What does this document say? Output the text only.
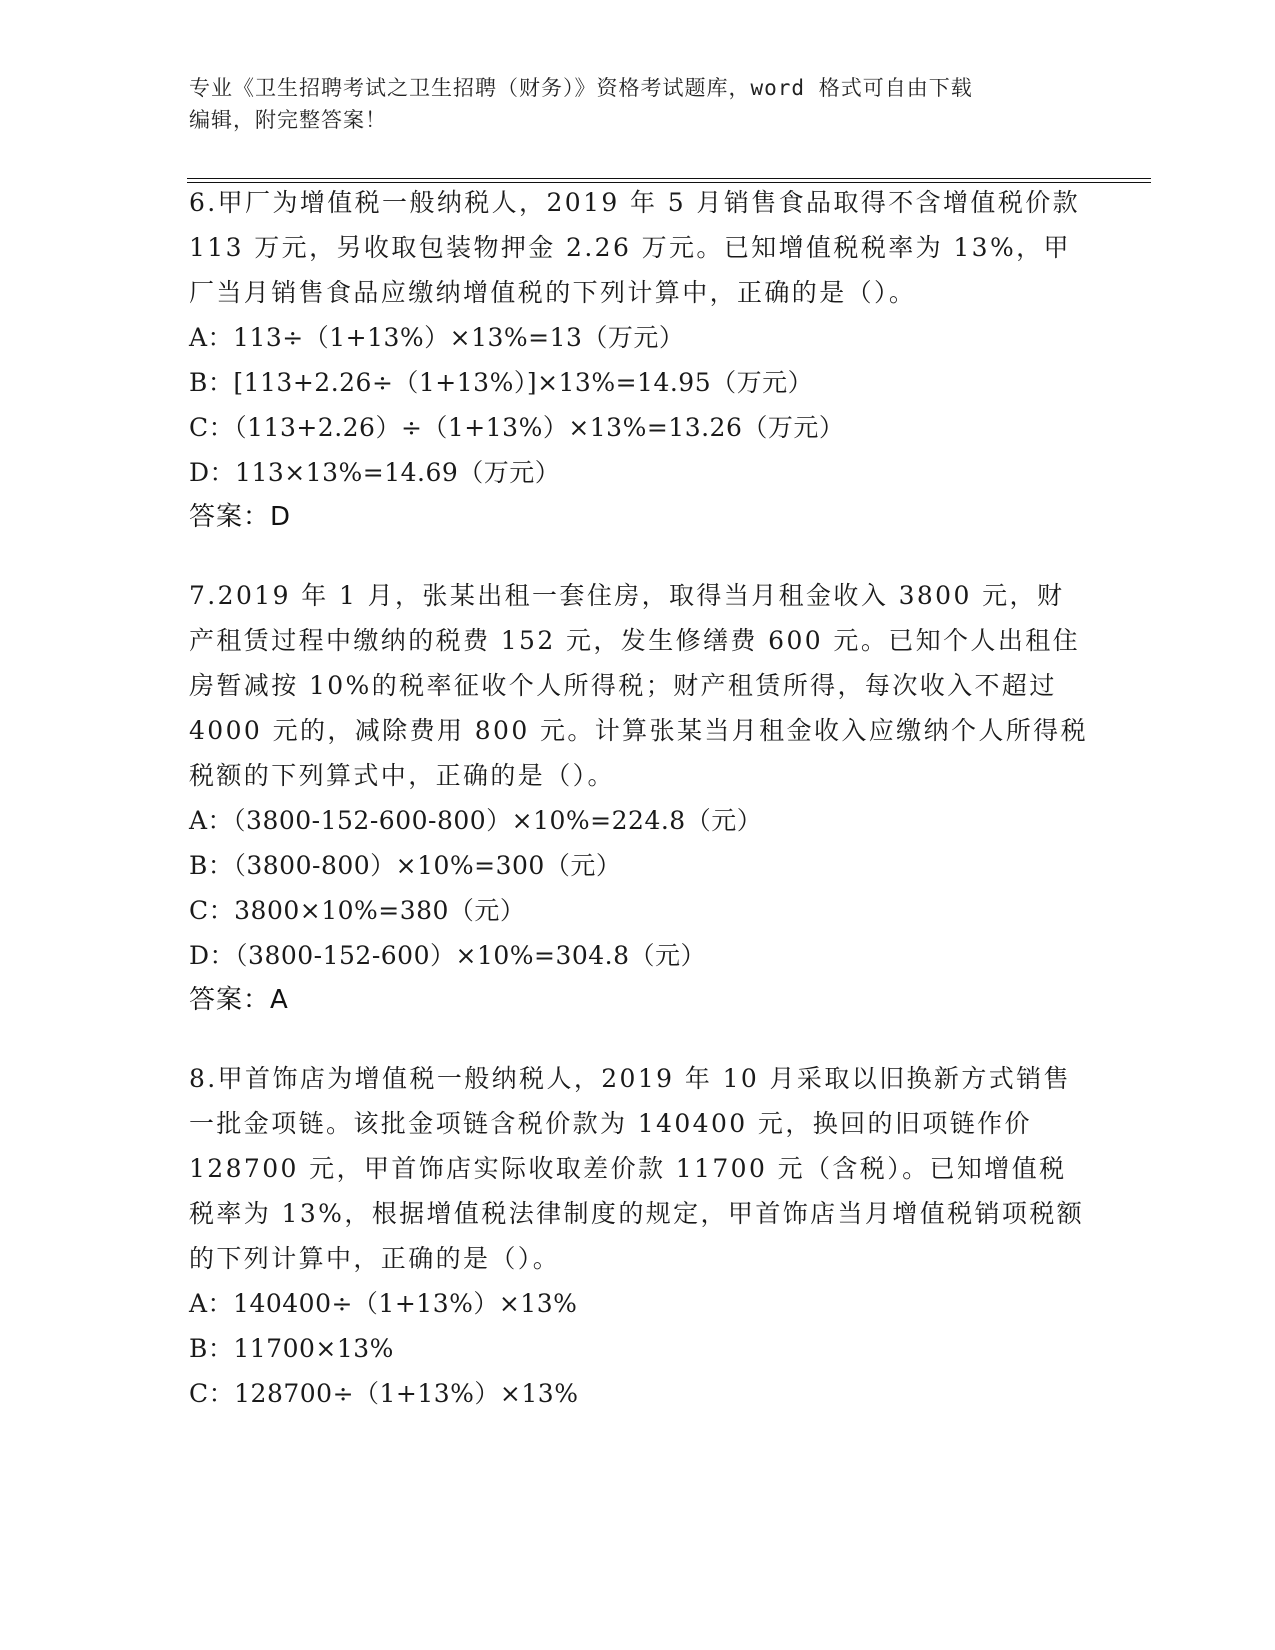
专业《卫生招聘考试之卫生招聘（财务）》资格考试题库，word 格式可自由下载
编辑，附完整答案！

6.甲厂为增值税一般纳税人，2019 年 5 月销售食品取得不含增值税价款 113 万元，另收取包装物押金 2.26 万元。已知增值税税率为 13%，甲厂当月销售食品应缴纳增值税的下列计算中，正确的是（）。

A：113÷（1+13%）×13%=13（万元）
B：[113+2.26÷（1+13%）]×13%=14.95（万元）
C：（113+2.26）÷（1+13%）×13%=13.26（万元）
D：113×13%=14.69（万元）
答案：D

7.2019 年 1 月，张某出租一套住房，取得当月租金收入 3800 元，财产租赁过程中缴纳的税费 152 元，发生修缮费 600 元。已知个人出租住房暂减按 10%的税率征收个人所得税；财产租赁所得，每次收入不超过 4000 元的，减除费用 800 元。计算张某当月租金收入应缴纳个人所得税税额的下列算式中，正确的是（）。

A：（3800-152-600-800）×10%=224.8（元）
B：（3800-800）×10%=300（元）
C：3800×10%=380（元）
D：（3800-152-600）×10%=304.8（元）
答案：A

8.甲首饰店为增值税一般纳税人，2019 年 10 月采取以旧换新方式销售一批金项链。该批金项链含税价款为 140400 元，换回的旧项链作价 128700 元，甲首饰店实际收取差价款 11700 元（含税）。已知增值税税率为 13%，根据增值税法律制度的规定，甲首饰店当月增值税销项税额的下列计算中，正确的是（）。

A：140400÷（1+13%）×13%
B：11700×13%
C：128700÷（1+13%）×13%
